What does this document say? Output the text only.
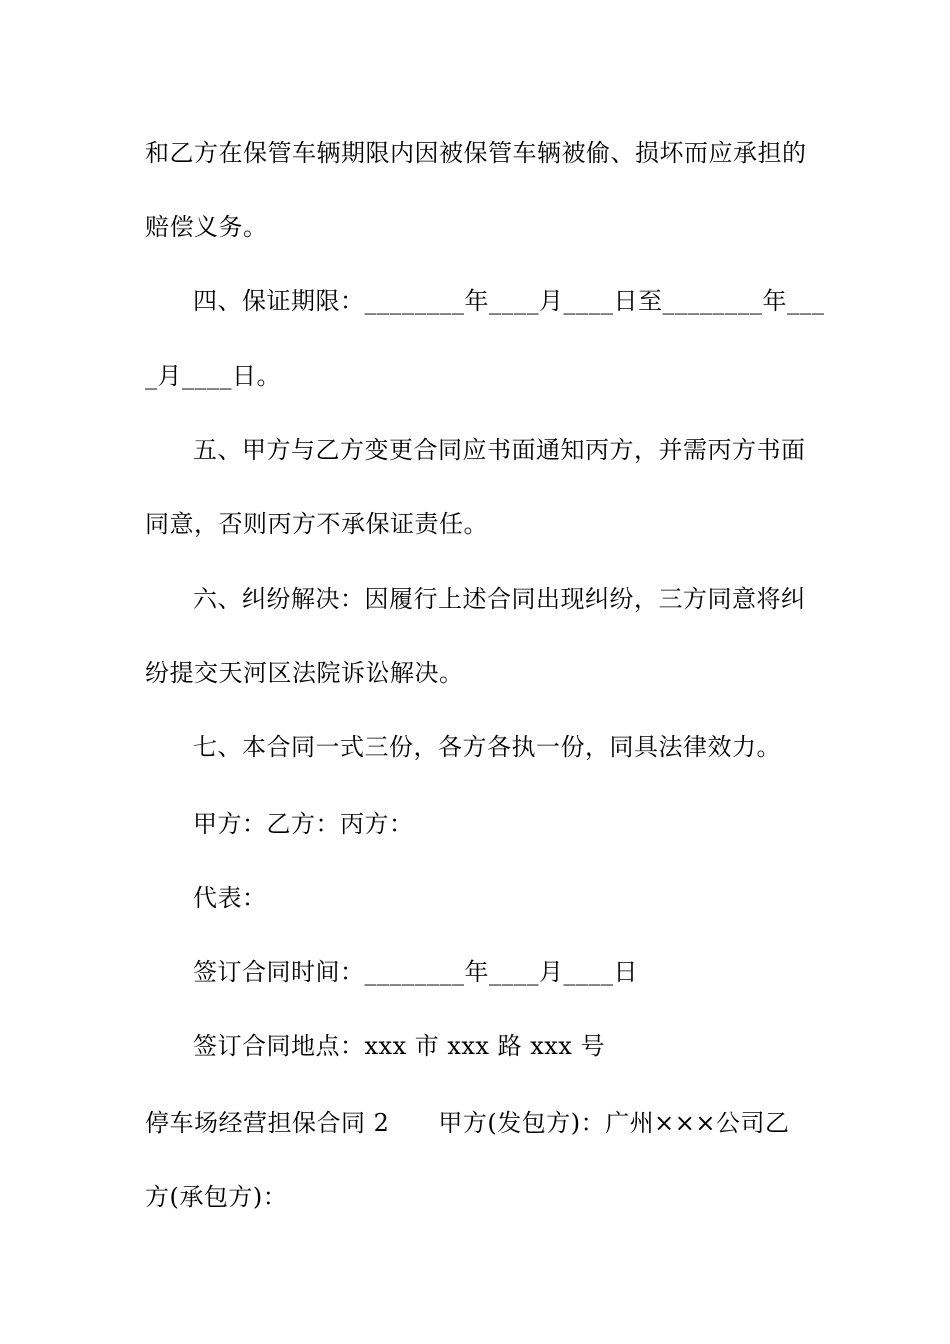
和乙方在保管车辆期限内因被保管车辆被偷、损坏而应承担的
赔偿义务。
四、保证期限：________年____月____日至________年___
_月____日。
五、甲方与乙方变更合同应书面通知丙方，并需丙方书面
同意，否则丙方不承保证责任。
六、纠纷解决：因履行上述合同出现纠纷，三方同意将纠
纷提交天河区法院诉讼解决。
七、本合同一式三份，各方各执一份，同具法律效力。
甲方：乙方：丙方：
代表：
签订合同时间：________年____月____日
签订合同地点：xxx 市 xxx 路 xxx 号
停车场经营担保合同 2　　甲方(发包方)：广州×××公司乙
方(承包方)：
